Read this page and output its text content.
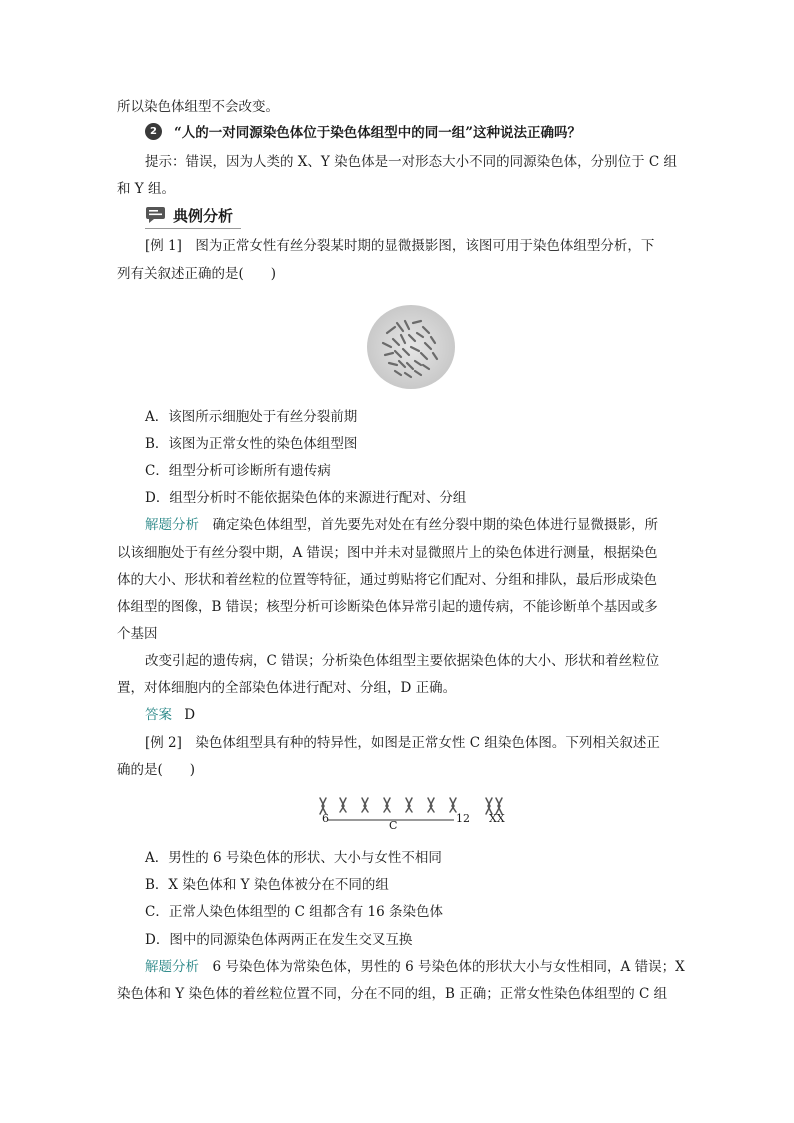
所以染色体组型不会改变。
2	“人的一对同源染色体位于染色体组型中的同一组”这种说法正确吗？
提示：错误，因为人类的 X、Y 染色体是一对形态大小不同的同源染色体，分别位于 C 组
和 Y 组。
典例分析
[例 1]　图为正常女性有丝分裂某时期的显微摄影图，该图可用于染色体组型分析，下
列有关叙述正确的是(　　)
A．该图所示细胞处于有丝分裂前期
B．该图为正常女性的染色体组型图
C．组型分析可诊断所有遗传病
D．组型分析时不能依据染色体的来源进行配对、分组
解题分析　确定染色体组型，首先要先对处在有丝分裂中期的染色体进行显微摄影，所
以该细胞处于有丝分裂中期，A 错误；图中并未对显微照片上的染色体进行测量，根据染色
体的大小、形状和着丝粒的位置等特征，通过剪贴将它们配对、分组和排队，最后形成染色
体组型的图像，B 错误；核型分析可诊断染色体异常引起的遗传病，不能诊断单个基因或多
个基因
改变引起的遗传病，C 错误；分析染色体组型主要依据染色体的大小、形状和着丝粒位
置，对体细胞内的全部染色体进行配对、分组，D 正确。
答案 D
[例 2]　染色体组型具有种的特异性，如图是正常女性 C 组染色体图。下列相关叙述正
确的是(　　)
6
C
12 XX
A．男性的 6 号染色体的形状、大小与女性不相同
B．X 染色体和 Y 染色体被分在不同的组
C．正常人染色体组型的 C 组都含有 16 条染色体
D．图中的同源染色体两两正在发生交叉互换
解题分析　6 号染色体为常染色体，男性的 6 号染色体的形状大小与女性相同，A 错误；X
染色体和 Y 染色体的着丝粒位置不同，分在不同的组，B 正确；正常女性染色体组型的 C 组
